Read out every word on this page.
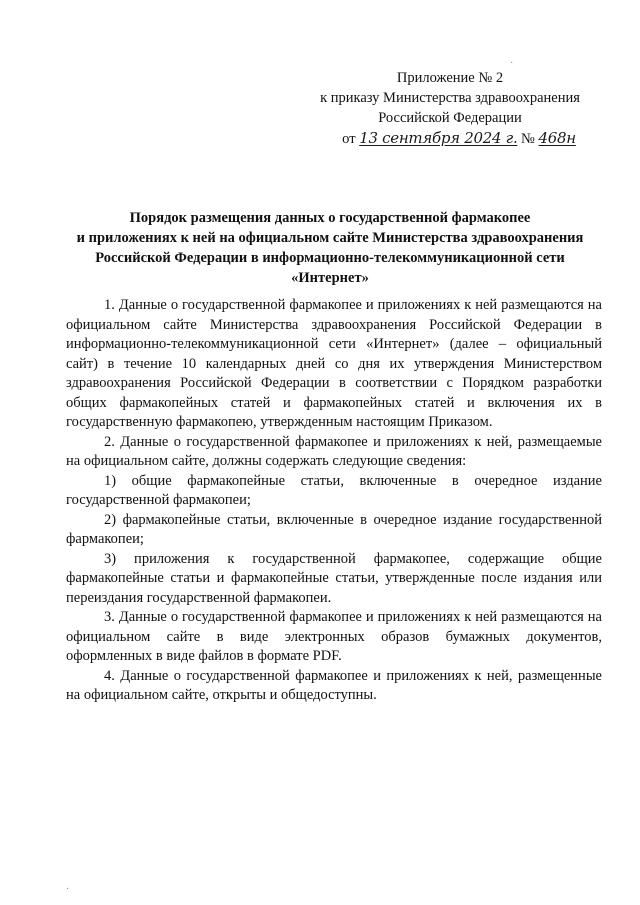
Приложение № 2
к приказу Министерства здравоохранения
Российской Федерации
от 13 сентября 2024 г. № 468н
Порядок размещения данных о государственной фармакопее
и приложениях к ней на официальном сайте Министерства здравоохранения
Российской Федерации в информационно-телекоммуникационной сети
«Интернет»

1. Данные о государственной фармакопее и приложениях к ней размещаются на официальном сайте Министерства здравоохранения Российской Федерации в информационно-телекоммуникационной сети «Интернет» (далее – официальный сайт) в течение 10 календарных дней со дня их утверждения Министерством здравоохранения Российской Федерации в соответствии с Порядком разработки общих фармакопейных статей и фармакопейных статей и включения их в государственную фармакопею, утвержденным настоящим Приказом.

2. Данные о государственной фармакопее и приложениях к ней, размещаемые на официальном сайте, должны содержать следующие сведения:

1) общие фармакопейные статьи, включенные в очередное издание государственной фармакопеи;

2) фармакопейные статьи, включенные в очередное издание государственной фармакопеи;

3) приложения к государственной фармакопее, содержащие общие фармакопейные статьи и фармакопейные статьи, утвержденные после издания или переиздания государственной фармакопеи.

3. Данные о государственной фармакопее и приложениях к ней размещаются на официальном сайте в виде электронных образов бумажных документов, оформленных в виде файлов в формате PDF.

4. Данные о государственной фармакопее и приложениях к ней, размещенные на официальном сайте, открыты и общедоступны.

·
·
